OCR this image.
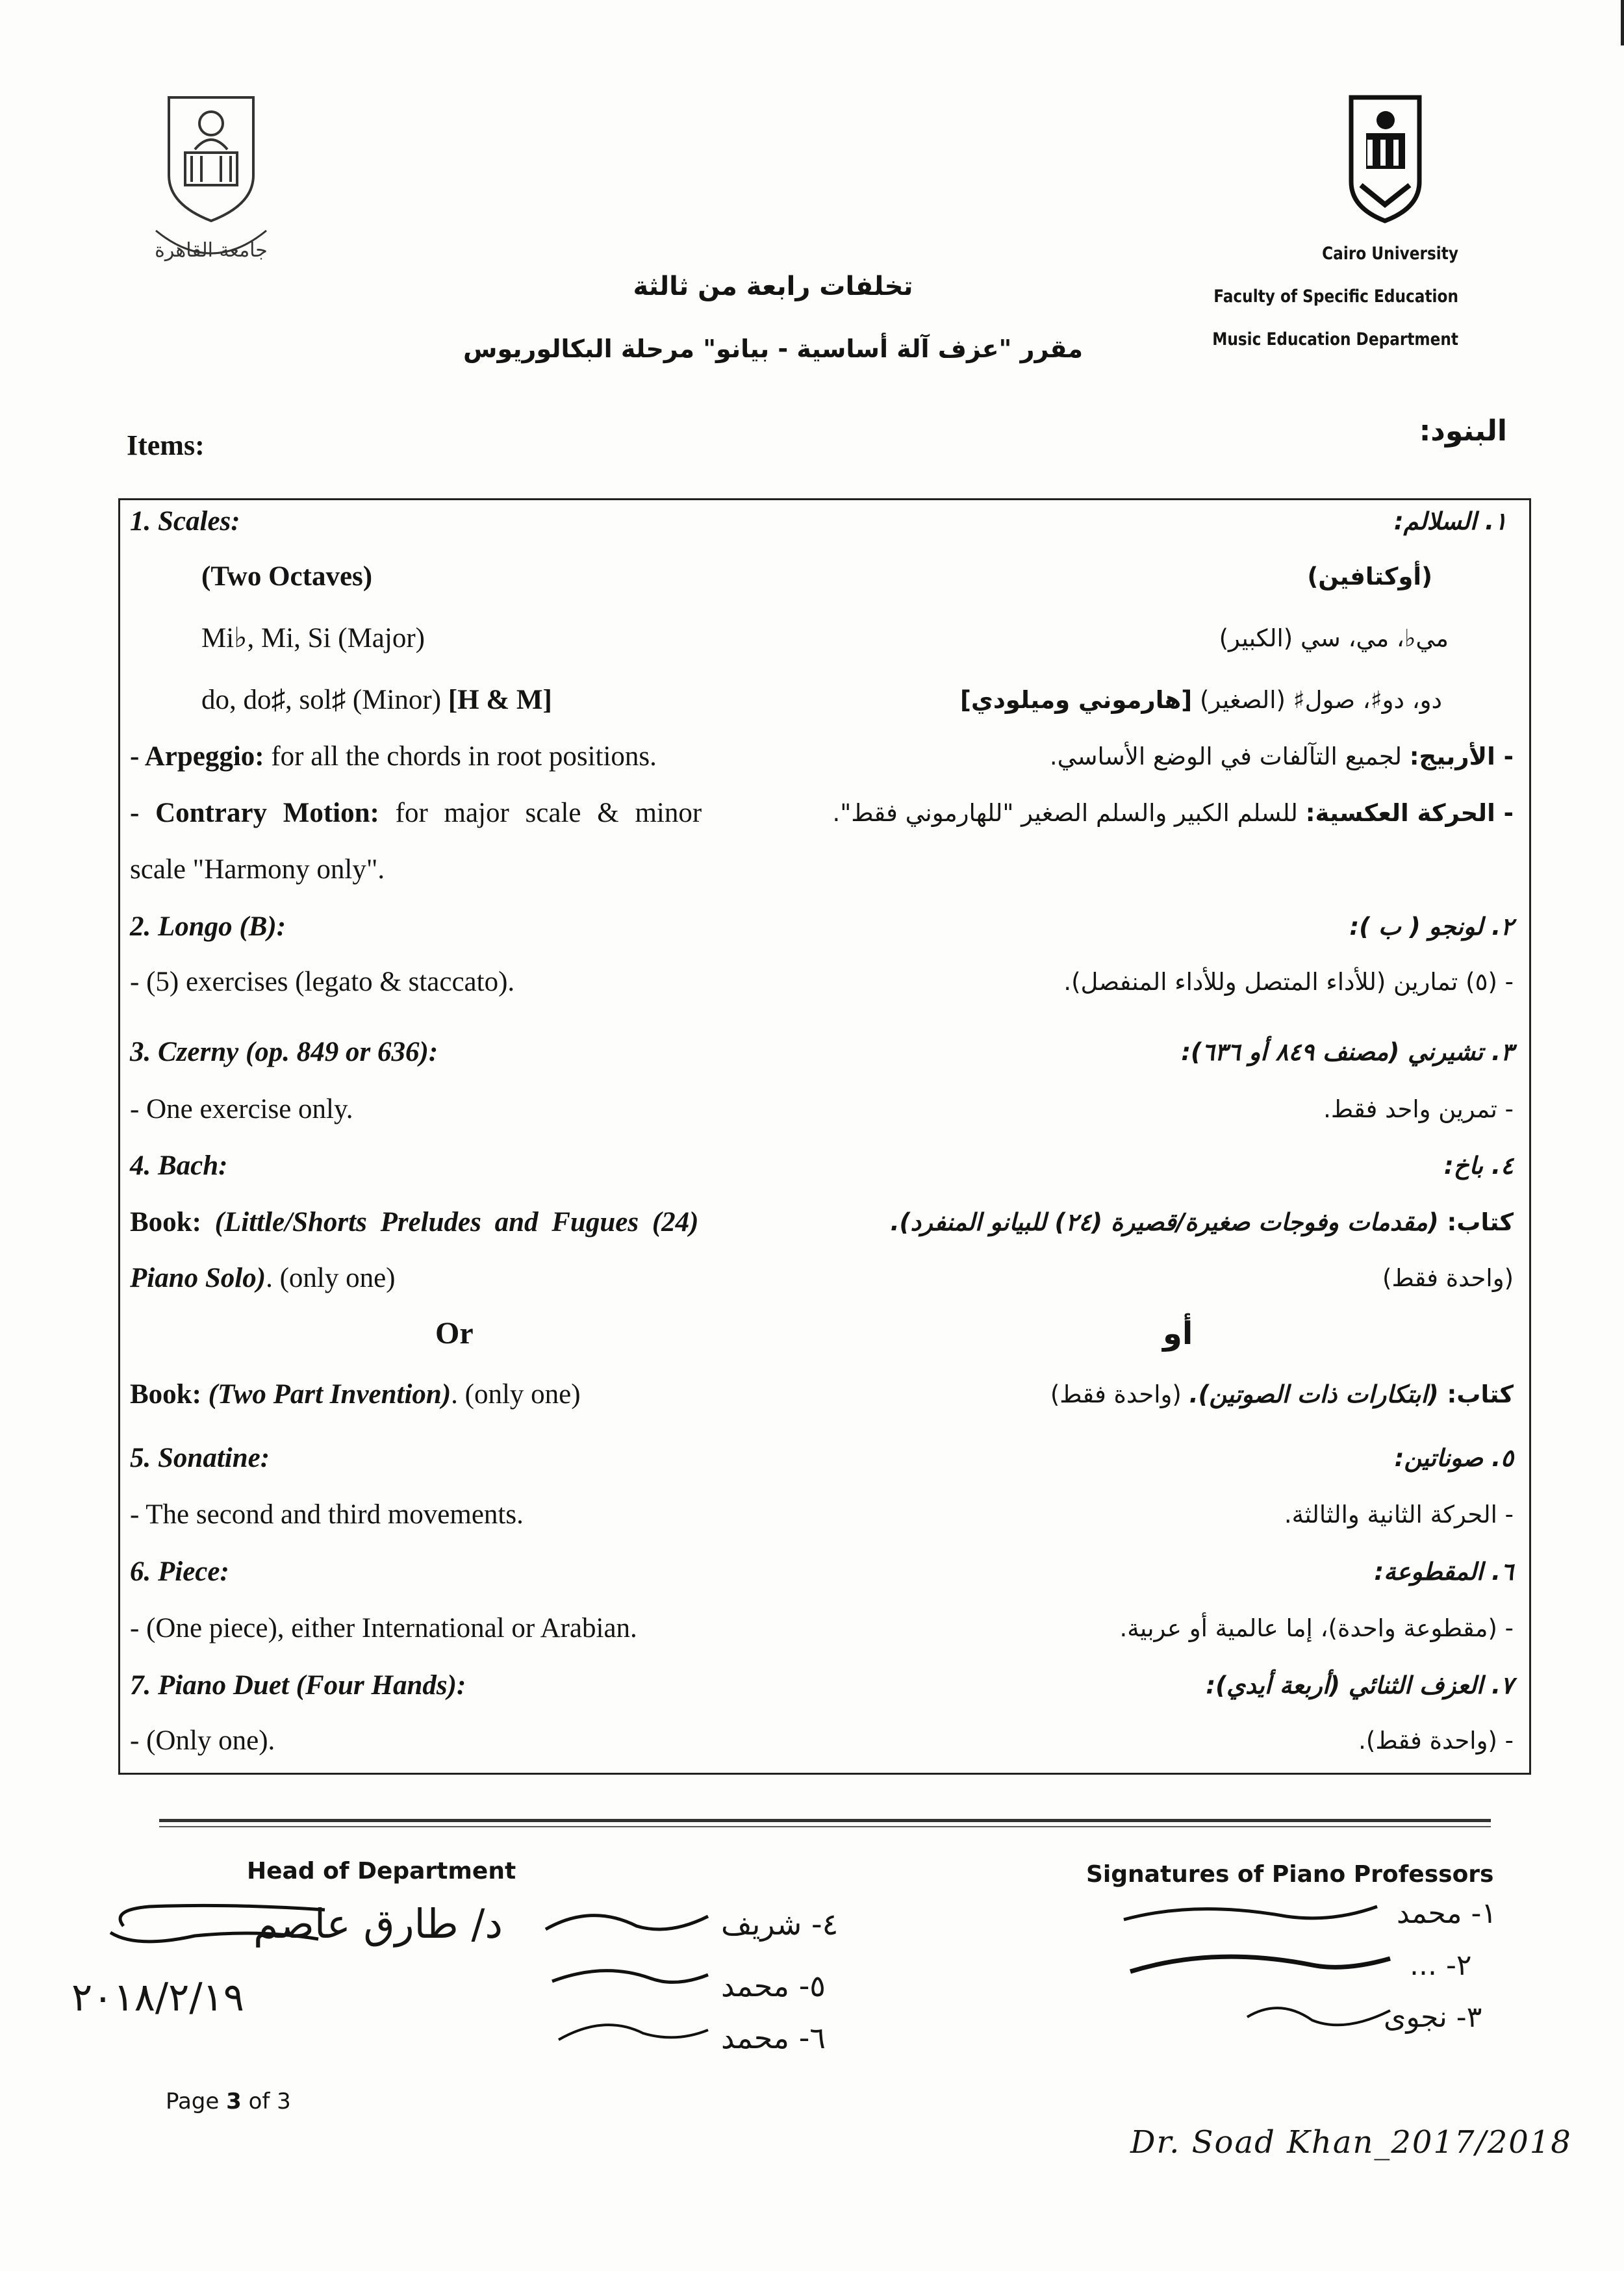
جامعة القاهرة	Cairo University
Faculty of Specific Education
Music Education Department
تخلفات رابعة من ثالثة
مقرر "عزف آلة أساسية - بيانو" مرحلة البكالوريوس
Items:	البنود:
1. Scales:	١. السلالم:
(Two Octaves)	(أوكتافين)
Mi♭, Mi, Si (Major)	مي♭، مي، سي (الكبير)
do, do♯, sol♯ (Minor) [H & M]	دو، دو♯، صول♯ (الصغير) [هارموني وميلودي]
- Arpeggio: for all the chords in root positions.	- الأربيج: لجميع التآلفات في الوضع الأساسي.
- Contrary Motion: for major scale & minor	- الحركة العكسية: للسلم الكبير والسلم الصغير "للهارموني فقط".
scale "Harmony only".
2. Longo (B):	٢. لونجو ( ب ):
- (5) exercises (legato & staccato).	- (٥) تمارين (للأداء المتصل وللأداء المنفصل).
3. Czerny (op. 849 or 636):	٣. تشيرني (مصنف ٨٤٩ أو ٦٣٦):
- One exercise only.	- تمرين واحد فقط.
4. Bach:	٤. باخ:
Book: (Little/Shorts Preludes and Fugues (24)	كتاب: (مقدمات وفوجات صغيرة/قصيرة (٢٤) للبيانو المنفرد).
Piano Solo). (only one)	(واحدة فقط)
Or	أو
Book: (Two Part Invention). (only one)	كتاب: (ابتكارات ذات الصوتين). (واحدة فقط)
5. Sonatine:	٥. صوناتين:
- The second and third movements.	- الحركة الثانية والثالثة.
6. Piece:	٦. المقطوعة:
- (One piece), either International or Arabian.	- (مقطوعة واحدة)، إما عالمية أو عربية.
7. Piano Duet (Four Hands):	٧. العزف الثنائي (أربعة أيدي):
- (Only one).	- (واحدة فقط).
Head of Department	Signatures of Piano Professors
د/ طارق عاصم
٢٠١٨/٢/١٩
٤- شريف
٥- محمد
٦- محمد
١- محمد
٢- ...
٣- نجوى
Page 3 of 3
Dr. Soad Khan_2017/2018
